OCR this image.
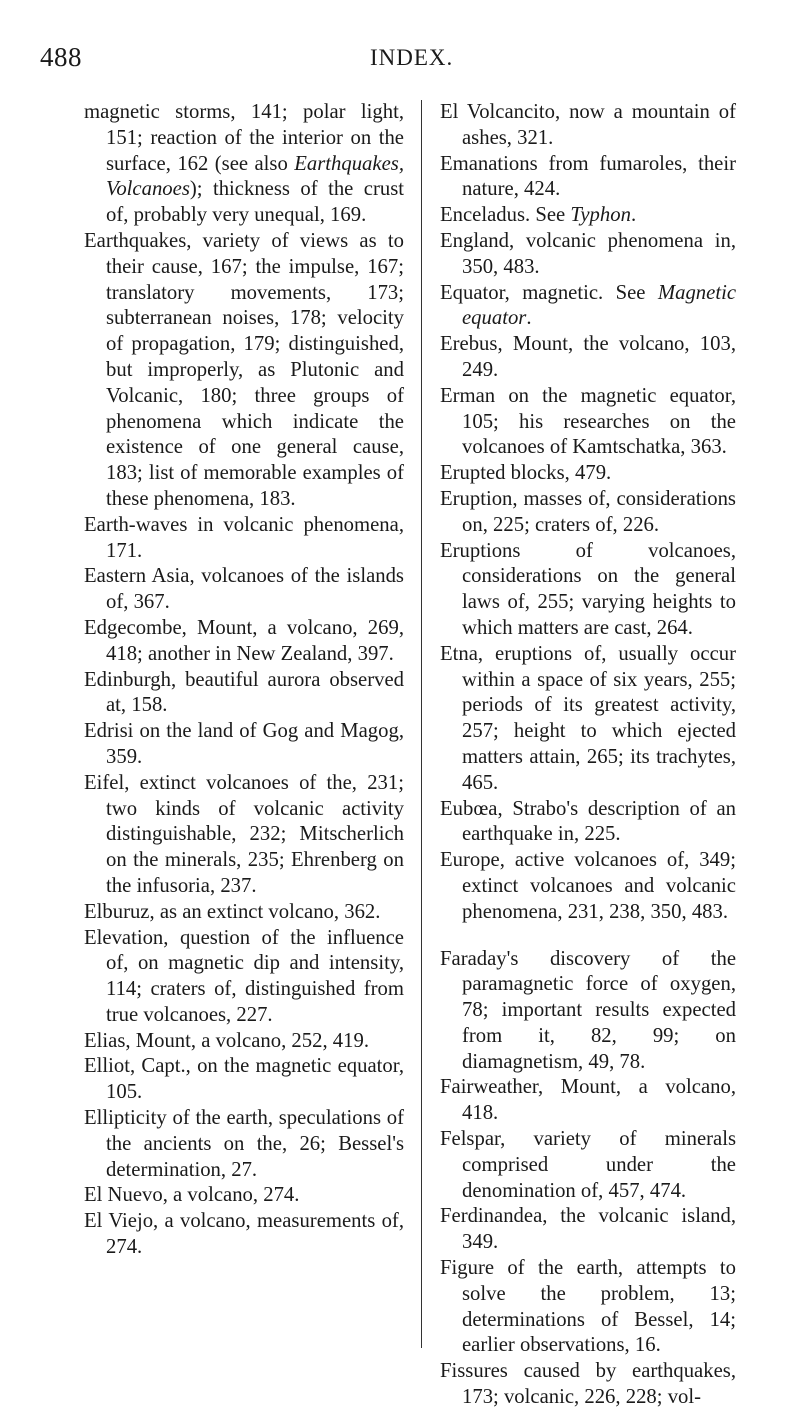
488	INDEX.
magnetic storms, 141; polar light, 151; reaction of the interior on the surface, 162 (see also Earthquakes, Volcanoes); thickness of the crust of, probably very unequal, 169.
Earthquakes, variety of views as to their cause, 167; the impulse, 167; translatory movements, 173; subterranean noises, 178; velocity of propagation, 179; distinguished, but improperly, as Plutonic and Volcanic, 180; three groups of phenomena which indicate the existence of one general cause, 183; list of memorable examples of these phenomena, 183.
Earth-waves in volcanic phenomena, 171.
Eastern Asia, volcanoes of the islands of, 367.
Edgecombe, Mount, a volcano, 269, 418; another in New Zealand, 397.
Edinburgh, beautiful aurora observed at, 158.
Edrisi on the land of Gog and Magog, 359.
Eifel, extinct volcanoes of the, 231; two kinds of volcanic activity distinguishable, 232; Mitscherlich on the minerals, 235; Ehrenberg on the infusoria, 237.
Elburuz, as an extinct volcano, 362.
Elevation, question of the influence of, on magnetic dip and intensity, 114; craters of, distinguished from true volcanoes, 227.
Elias, Mount, a volcano, 252, 419.
Elliot, Capt., on the magnetic equator, 105.
Ellipticity of the earth, speculations of the ancients on the, 26; Bessel's determination, 27.
El Nuevo, a volcano, 274.
El Viejo, a volcano, measurements of, 274.
El Volcancito, now a mountain of ashes, 321.
Emanations from fumaroles, their nature, 424.
Enceladus. See Typhon.
England, volcanic phenomena in, 350, 483.
Equator, magnetic. See Magnetic equator.
Erebus, Mount, the volcano, 103, 249.
Erman on the magnetic equator, 105; his researches on the volcanoes of Kamtschatka, 363.
Erupted blocks, 479.
Eruption, masses of, considerations on, 225; craters of, 226.
Eruptions of volcanoes, considerations on the general laws of, 255; varying heights to which matters are cast, 264.
Etna, eruptions of, usually occur within a space of six years, 255; periods of its greatest activity, 257; height to which ejected matters attain, 265; its trachytes, 465.
Eubœa, Strabo's description of an earthquake in, 225.
Europe, active volcanoes of, 349; extinct volcanoes and volcanic phenomena, 231, 238, 350, 483.
Faraday's discovery of the paramagnetic force of oxygen, 78; important results expected from it, 82, 99; on diamagnetism, 49, 78.
Fairweather, Mount, a volcano, 418.
Felspar, variety of minerals comprised under the denomination of, 457, 474.
Ferdinandea, the volcanic island, 349.
Figure of the earth, attempts to solve the problem, 13; determinations of Bessel, 14; earlier observations, 16.
Fissures caused by earthquakes, 173; volcanic, 226, 228; vol-
